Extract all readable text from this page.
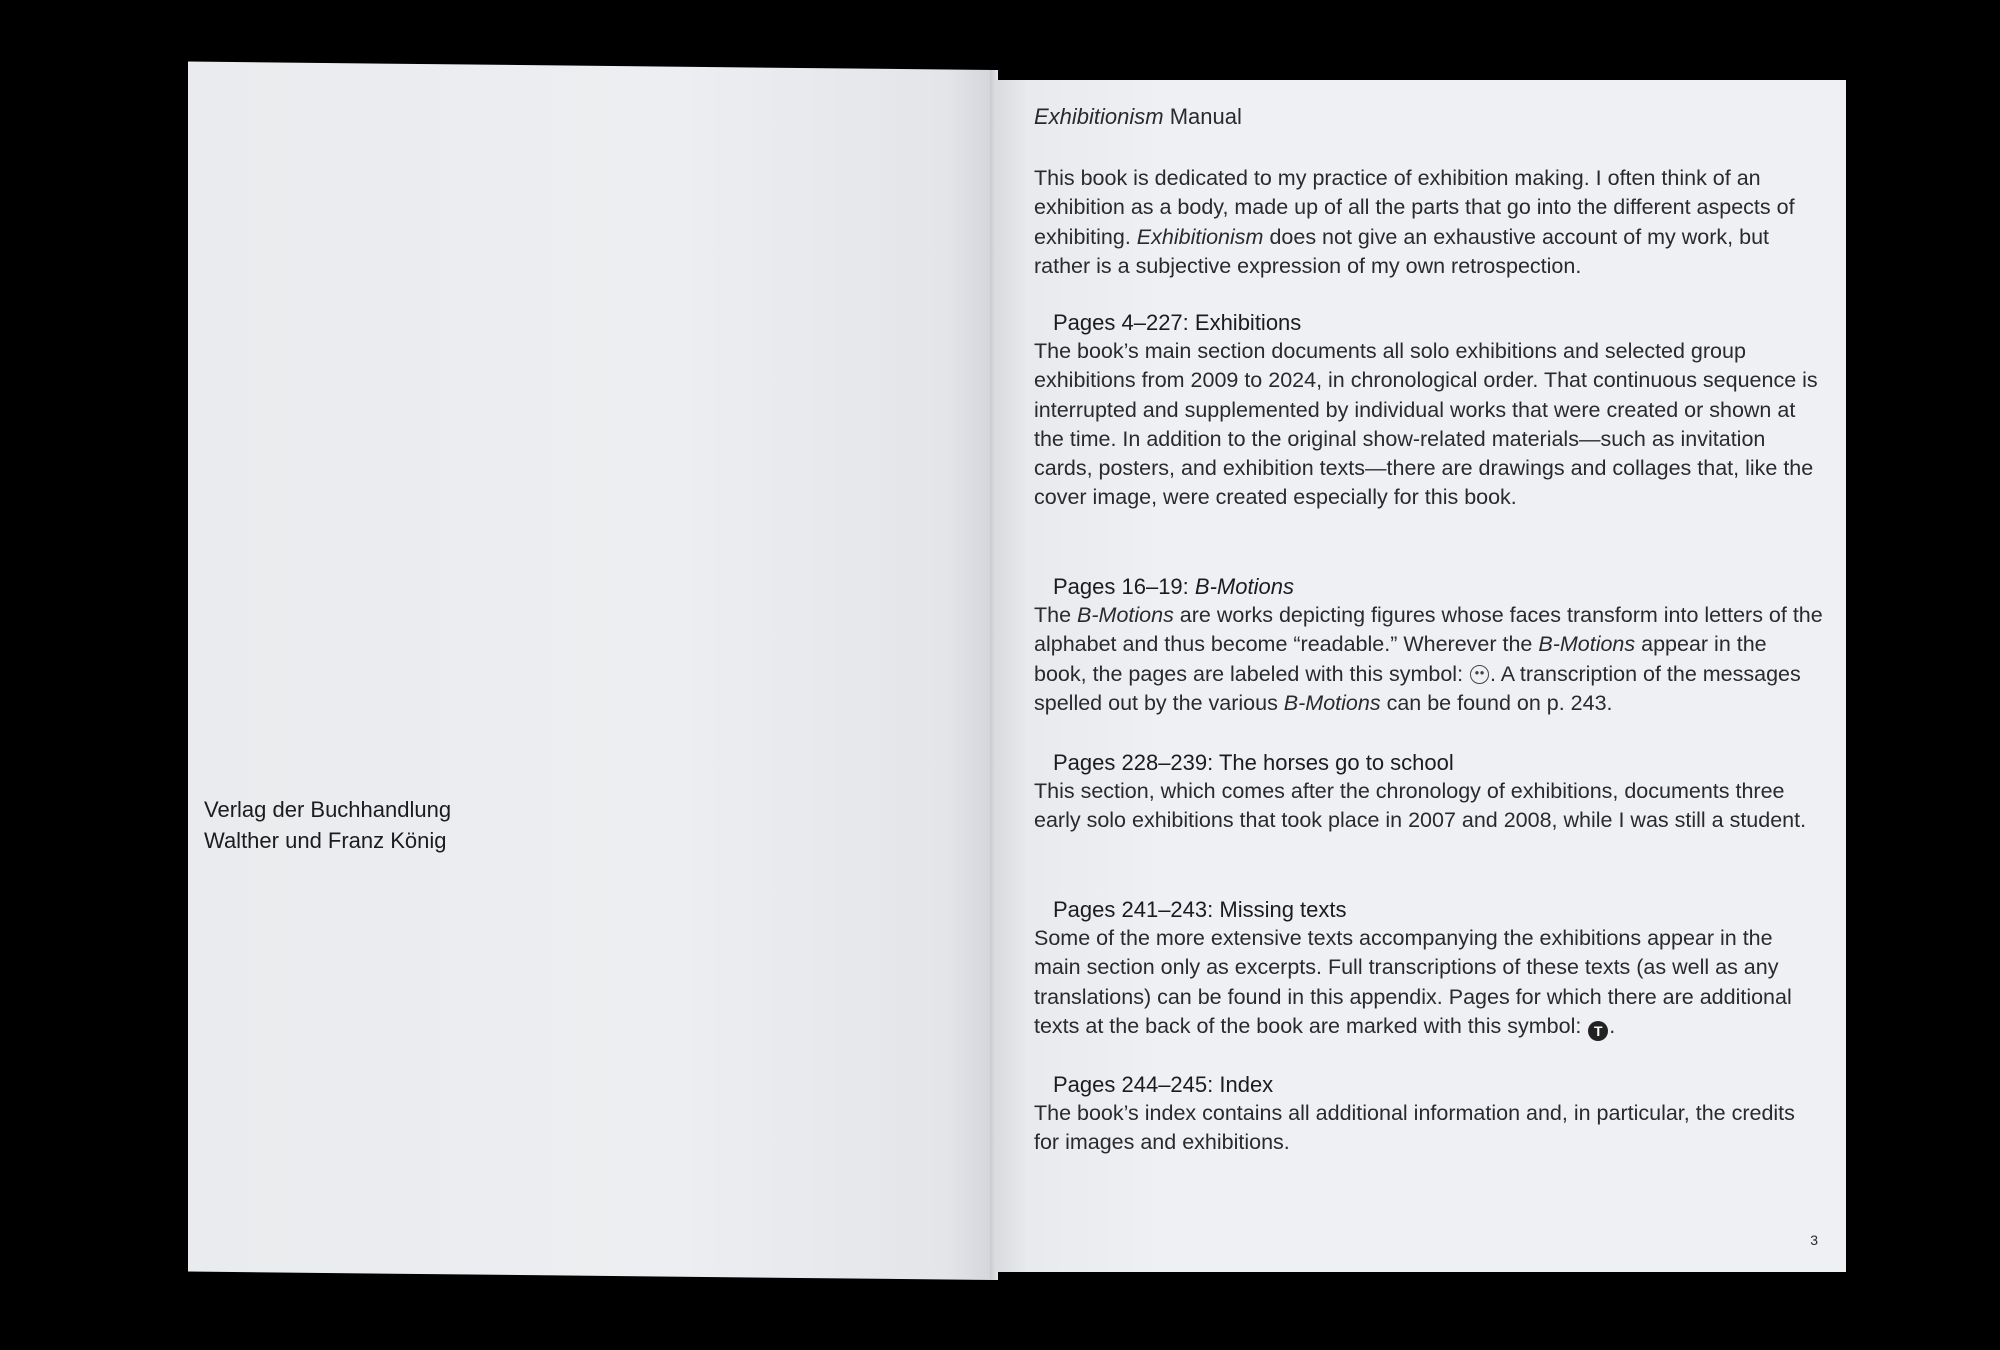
Verlag der Buchhandlung
Walther und Franz König
Exhibitionism Manual
This book is dedicated to my practice of exhibition making. I often think of an exhibition as a body, made up of all the parts that go into the different aspects of exhibiting. Exhibitionism does not give an exhaustive account of my work, but rather is a subjective expression of my own retrospection.
Pages 4–227: Exhibitions
The book’s main section documents all solo exhibitions and selected group exhibitions from 2009 to 2024, in chronological order. That continuous sequence is interrupted and supplemented by individual works that were created or shown at the time. In addition to the original show-related materials—such as invitation cards, posters, and exhibition texts—there are drawings and collages that, like the cover image, were created especially for this book.
Pages 16–19: B-Motions
The B-Motions are works depicting figures whose faces transform into letters of the alphabet and thus become “readable.” Wherever the B-Motions appear in the book, the pages are labeled with this symbol: . A transcription of the messages spelled out by the various B-Motions can be found on p. 243.
Pages 228–239: The horses go to school
This section, which comes after the chronology of exhibitions, documents three early solo exhibitions that took place in 2007 and 2008, while I was still a student.
Pages 241–243: Missing texts
Some of the more extensive texts accompanying the exhibitions appear in the main section only as excerpts. Full transcriptions of these texts (as well as any translations) can be found in this appendix. Pages for which there are additional texts at the back of the book are marked with this symbol: T .
Pages 244–245: Index
The book’s index contains all additional information and, in particular, the credits for images and exhibitions.
3
